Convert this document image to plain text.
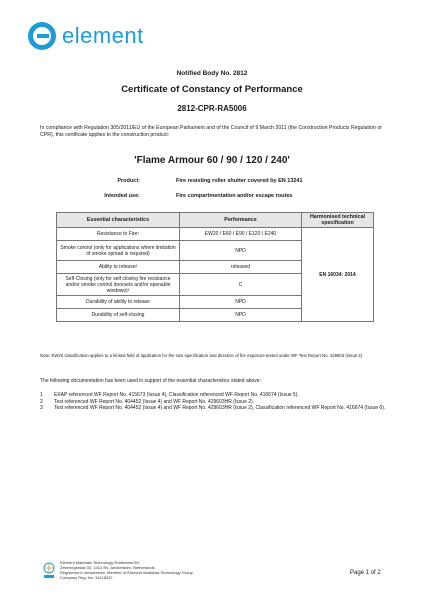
element
Notified Body No. 2812
Certificate of Constancy of Performance
2812-CPR-RA5006
In compliance with Regulation 305/2011/EU of the European Parliament and of the Council of 9 March 2011 (the Construction Products Regulation or CPR), this certificate applies to the construction product:
'Flame Armour 60 / 90 / 120 / 240'
Product:	Fire resisting roller shutter covered by EN 13241
Intended use:	Fire compartmentation and/or escape routes
Essential characteristics	Performance	Harmonised technical specification
Resistance to Fire¹	EW20 / E60 / E90 / E120 / E240	EN 16034: 2014
Smoke control (only for applications where limitation of smoke spread is required)	NPD	
Ability to release²	released	
Self-Closing (only for self closing fire resistance and/or smoke control doorsets and/or openable windows)²	C	
Durability of ability to release	NPD	
Durability of self-closing	NPD	
Note: EW20 classification applies to a limited field of application for the size specification and direction of fire exposure tested under WF Test Report No. 428603 (Issue 2)
The following documentation has been used in support of the essential characteristics stated above:
1	EXAP referenced WF Report No. 415673 (Issue 4), Classification referenced WF Report No. 416674 (Issue 5).
2	Test referenced WF Report No. 404452 (Issue 4) and WF Report No. 429603HR (Issue 2).
3	Test referenced WF Report No. 404452 (Issue 4) and WF Report No. 429603HR (Issue 2), Classification referenced WF Report No. 416674 (Issue 6).
Element Materials Technology Rotterdam BV
Zekeringstraat 33, 1014 BV, Amsterdam, Netherlands
Registered in Amsterdam. Member of Element Materials Technology Group
Company Reg. No. 34118237
Page 1 of 2
